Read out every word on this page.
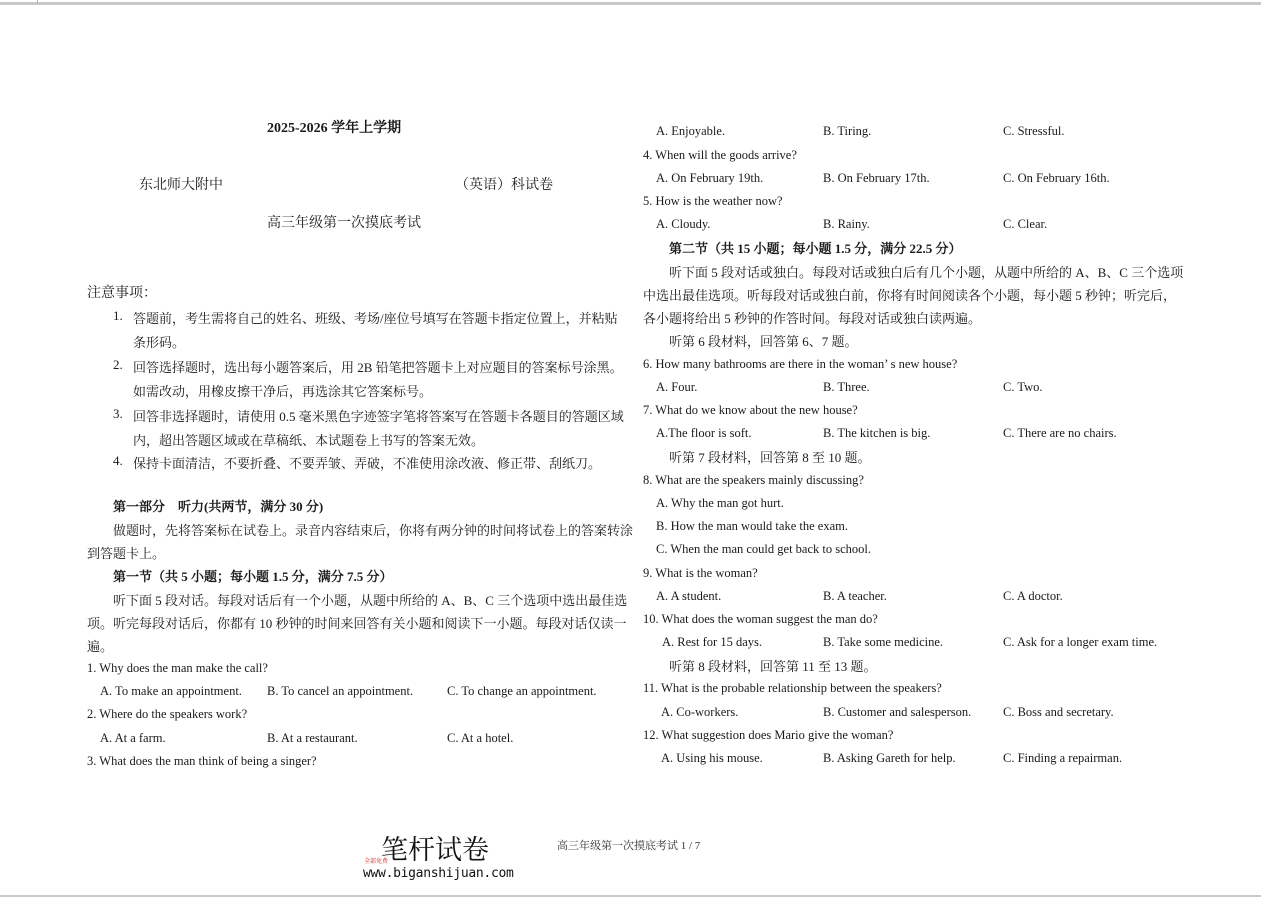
2025-2026 学年上学期
东北师大附中	（英语）科试卷
高三年级第一次摸底考试
注意事项：
1. 答题前，考生需将自己的姓名、班级、考场/座位号填写在答题卡指定位置上，并粘贴
条形码。
2. 回答选择题时，选出每小题答案后，用 2B 铅笔把答题卡上对应题目的答案标号涂黑。
如需改动，用橡皮擦干净后，再选涂其它答案标号。
3. 回答非选择题时，请使用 0.5 毫米黑色字迹签字笔将答案写在答题卡各题目的答题区域
内，超出答题区域或在草稿纸、本试题卷上书写的答案无效。
4. 保持卡面清洁，不要折叠、不要弄皱、弄破，不准使用涂改液、修正带、刮纸刀。
第一部分　听力(共两节，满分 30 分)
做题时，先将答案标在试卷上。录音内容结束后，你将有两分钟的时间将试卷上的答案转涂
到答题卡上。
第一节（共 5 小题；每小题 1.5 分，满分 7.5 分）
听下面 5 段对话。每段对话后有一个小题，从题中所给的 A、B、C 三个选项中选出最佳选
项。听完每段对话后，你都有 10 秒钟的时间来回答有关小题和阅读下一小题。每段对话仅读一
遍。
1. Why does the man make the call?
A. To make an appointment. B. To cancel an appointment.	C. To change an appointment.
2. Where do the speakers work?
A. At a farm.	B. At a restaurant.	C. At a hotel.
3. What does the man think of being a singer?
A. Enjoyable.	B. Tiring.	C. Stressful.
4. When will the goods arrive?
A. On February 19th.	B. On February 17th.	C. On February 16th.
5. How is the weather now?
A. Cloudy.	B. Rainy.	C. Clear.
第二节（共 15 小题；每小题 1.5 分，满分 22.5 分）
听下面 5 段对话或独白。每段对话或独白后有几个小题，从题中所给的 A、B、C 三个选项
中选出最佳选项。听每段对话或独白前，你将有时间阅读各个小题，每小题 5 秒钟；听完后，
各小题将给出 5 秒钟的作答时间。每段对话或独白读两遍。
听第 6 段材料，回答第 6、7 题。
6. How many bathrooms are there in the woman’ s new house?
A. Four.	B. Three.	C. Two.
7. What do we know about the new house?
A.The floor is soft.	B. The kitchen is big.	C. There are no chairs.
听第 7 段材料，回答第 8 至 10 题。
8. What are the speakers mainly discussing?
A. Why the man got hurt.
B. How the man would take the exam.
C. When the man could get back to school.
9. What is the woman?
A. A student.	B. A teacher.	C. A doctor.
10. What does the woman suggest the man do?
A. Rest for 15 days.	B. Take some medicine.	C. Ask for a longer exam time.
听第 8 段材料，回答第 11 至 13 题。
11. What is the probable relationship between the speakers?
A. Co-workers.	B. Customer and salesperson.	C. Boss and secretary.
12. What suggestion does Mario give the woman?
A. Using his mouse.	B. Asking Gareth for help.	C. Finding a repairman.
全部免费
笔杆试卷
www.biganshijuan.com
高三年级第一次摸底考试 1 / 7
